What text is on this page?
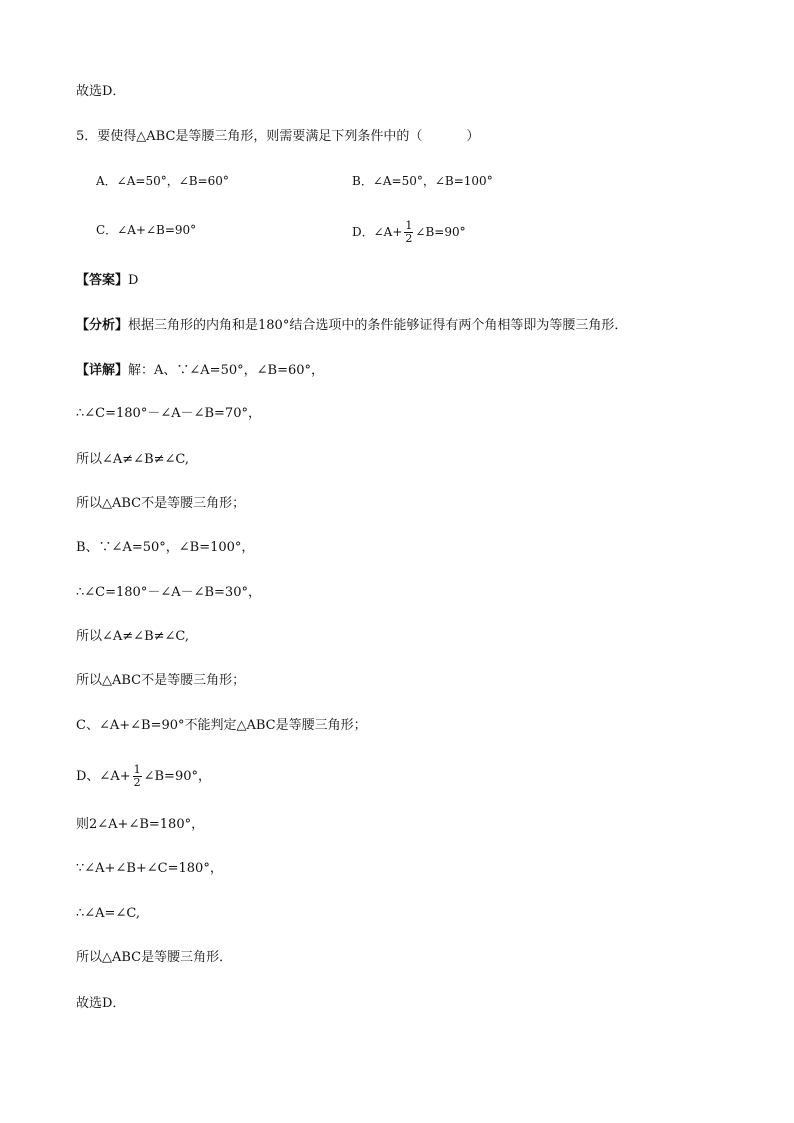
故选D．
5．要使得△ABC是等腰三角形，则需要满足下列条件中的（	）
A．∠A=50°，∠B=60°	B．∠A=50°，∠B=100°
C．∠A+∠B=90°	D．∠A+ $\frac{1}{2}$ ∠B=90°
【答案】D
【分析】根据三角形的内角和是180°结合选项中的条件能够证得有两个角相等即为等腰三角形．
【详解】解：A、∵∠A=50°，∠B=60°，
∴∠C=180°－∠A－∠B=70°，
所以∠A≠∠B≠∠C,
所以△ABC不是等腰三角形；
B、∵∠A=50°，∠B=100°，
∴∠C=180°－∠A－∠B=30°，
所以∠A≠∠B≠∠C,
所以△ABC不是等腰三角形；
C、∠A+∠B=90°不能判定△ABC是等腰三角形；
D、∠A+ $\frac{1}{2}$ ∠B=90°，
则2∠A+∠B=180°，
∵∠A+∠B+∠C=180°，
∴∠A=∠C,
所以△ABC是等腰三角形．
故选D．
